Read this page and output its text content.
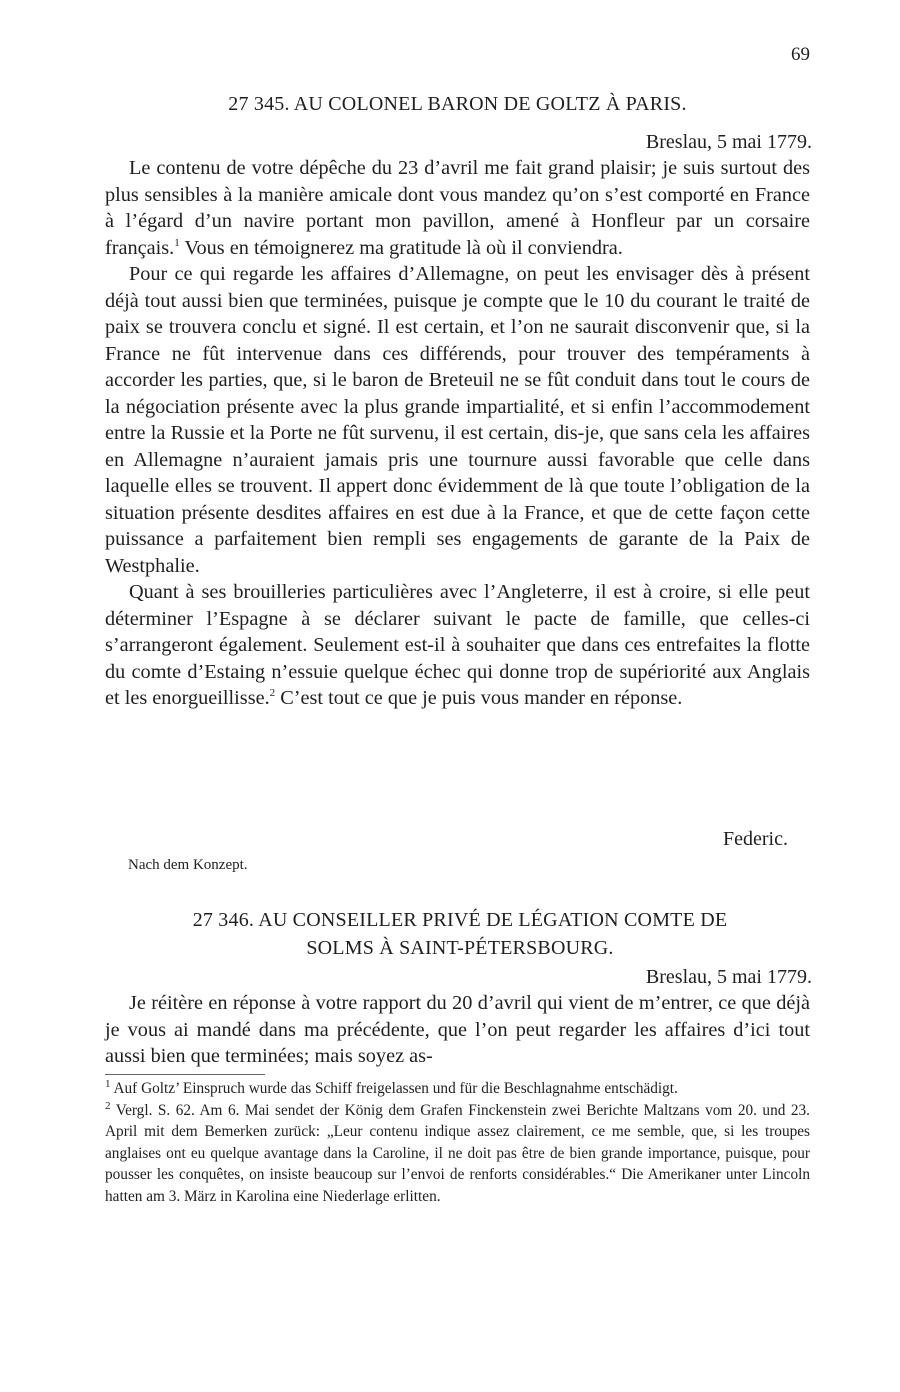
69
27 345. AU COLONEL BARON DE GOLTZ À PARIS.
Breslau, 5 mai 1779.

Le contenu de votre dépêche du 23 d’avril me fait grand plaisir; je suis surtout des plus sensibles à la manière amicale dont vous mandez qu’on s’est comporté en France à l’égard d’un navire portant mon pavillon, amené à Honfleur par un corsaire français.$^1$ Vous en témoignerez ma gratitude là où il conviendra.

Pour ce qui regarde les affaires d’Allemagne, on peut les envisager dès à présent déjà tout aussi bien que terminées, puisque je compte que le 10 du courant le traité de paix se trouvera conclu et signé. Il est certain, et l’on ne saurait disconvenir que, si la France ne fût intervenue dans ces différends, pour trouver des tempéraments à accorder les parties, que, si le baron de Breteuil ne se fût conduit dans tout le cours de la négociation présente avec la plus grande impartialité, et si enfin l’accommodement entre la Russie et la Porte ne fût survenu, il est certain, dis-je, que sans cela les affaires en Allemagne n’auraient jamais pris une tournure aussi favorable que celle dans laquelle elles se trouvent. Il appert donc évidemment de là que toute l’obligation de la situation présente desdites affaires en est due à la France, et que de cette façon cette puissance a parfaitement bien rempli ses engagements de garante de la Paix de Westphalie.

Quant à ses brouilleries particulières avec l’Angleterre, il est à croire, si elle peut déterminer l’Espagne à se déclarer suivant le pacte de famille, que celles-ci s’arrangeront également. Seulement est-il à souhaiter que dans ces entrefaites la flotte du comte d’Estaing n’essuie quelque échec qui donne trop de supériorité aux Anglais et les enorgueillisse.$^2$ C’est tout ce que je puis vous mander en réponse.

Federic.
Nach dem Konzept.
27 346. AU CONSEILLER PRIVÉ DE LÉGATION COMTE DE
SOLMS À SAINT-PÉTERSBOURG.
Breslau, 5 mai 1779.

Je réitère en réponse à votre rapport du 20 d’avril qui vient de m’entrer, ce que déjà je vous ai mandé dans ma précédente, que l’on peut regarder les affaires d’ici tout aussi bien que terminées; mais soyez as-

$^1$ Auf Goltz’ Einspruch wurde das Schiff freigelassen und für die Beschlagnahme entschädigt.

$^2$ Vergl. S. 62. Am 6. Mai sendet der König dem Grafen Finckenstein zwei Berichte Maltzans vom 20. und 23. April mit dem Bemerken zurück: „Leur contenu indique assez clairement, ce me semble, que, si les troupes anglaises ont eu quelque avantage dans la Caroline, il ne doit pas être de bien grande importance, puisque, pour pousser les conquêtes, on insiste beaucoup sur l’envoi de renforts considérables.“ Die Amerikaner unter Lincoln hatten am 3. März in Karolina eine Niederlage erlitten.
